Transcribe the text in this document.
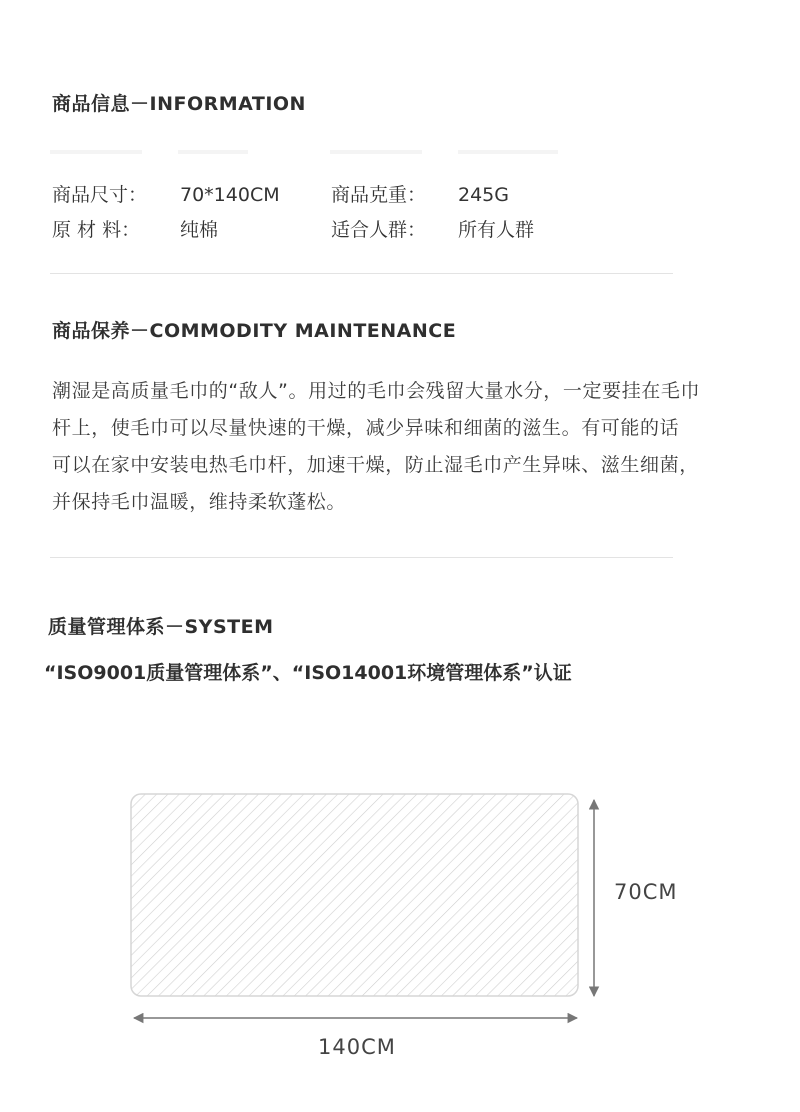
商品信息－INFORMATION
商品尺寸： 70*140CM	商品克重： 245G
原 材 料： 纯棉	适合人群： 所有人群
商品保养－COMMODITY MAINTENANCE
潮湿是高质量毛巾的“敌人”。用过的毛巾会残留大量水分，一定要挂在毛巾
杆上，使毛巾可以尽量快速的干燥，减少异味和细菌的滋生。有可能的话
可以在家中安装电热毛巾杆，加速干燥，防止湿毛巾产生异味、滋生细菌，
并保持毛巾温暖，维持柔软蓬松。
质量管理体系－SYSTEM
“ISO9001质量管理体系”、“ISO14001环境管理体系”认证
70CM
140CM
